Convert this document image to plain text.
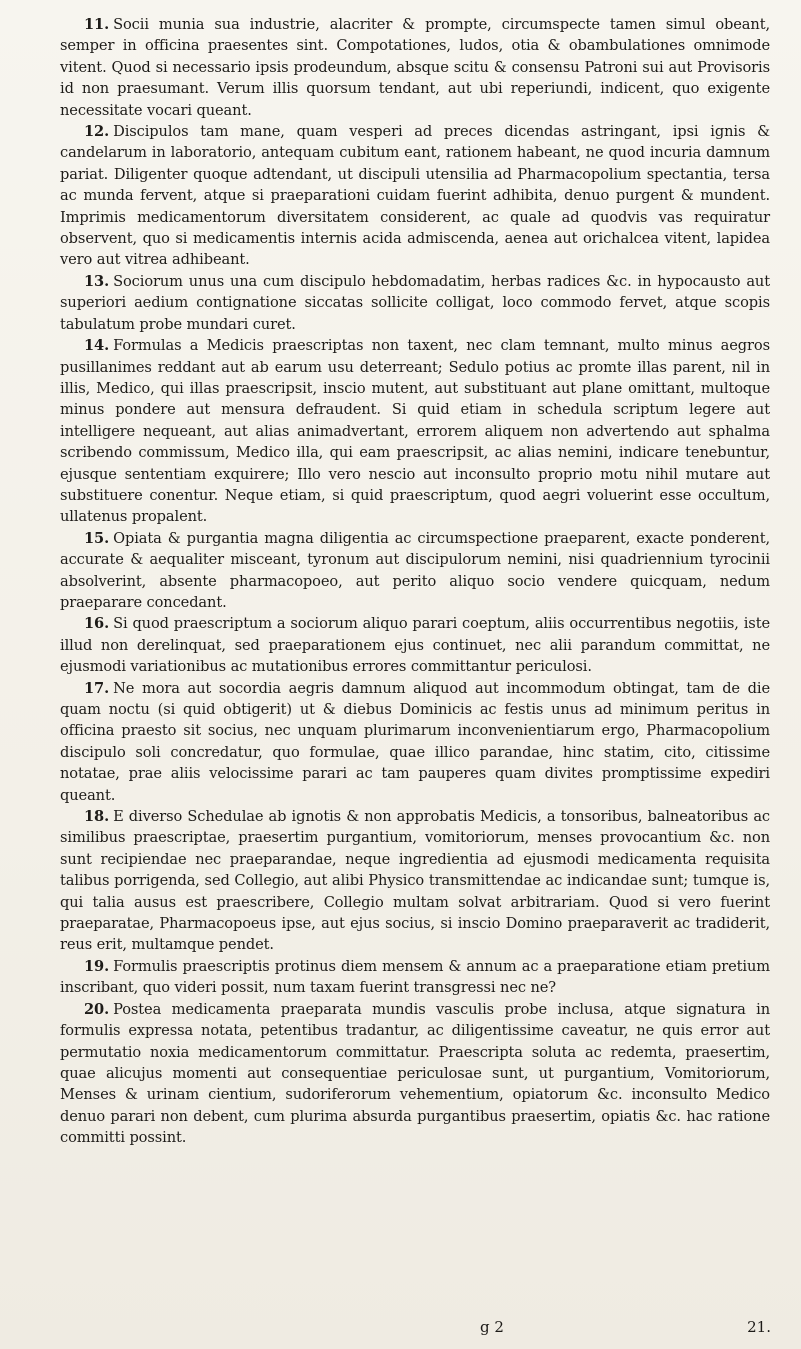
11. Socii munia sua industrie, alacriter & prompte, circumspecte tamen simul obeant, semper in officina praesentes sint. Compotationes, ludos, otia & obambulationes omnimode vitent. Quod si necessario ipsis prodeundum, absque scitu & consensu Patroni sui aut Provisoris id non praesumant. Verum illis quorsum tendant, aut ubi reperiundi, indicent, quo exigente necessitate vocari queant.

12. Discipulos tam mane, quam vesperi ad preces dicendas astringant, ipsi ignis & candelarum in laboratorio, antequam cubitum eant, rationem habeant, ne quod incuria damnum pariat. Diligenter quoque adtendant, ut discipuli utensilia ad Pharmacopolium spectantia, tersa ac munda fervent, atque si praeparationi cuidam fuerint adhibita, denuo purgent & mundent. Imprimis medicamentorum diversitatem considerent, ac quale ad quodvis vas requiratur observent, quo si medicamentis internis acida admiscenda, aenea aut orichalcea vitent, lapidea vero aut vitrea adhibeant.

13. Sociorum unus una cum discipulo hebdomadatim, herbas radices &c. in hypocausto aut superiori aedium contignatione siccatas sollicite colligat, loco commodo fervet, atque scopis tabulatum probe mundari curet.

14. Formulas a Medicis praescriptas non taxent, nec clam temnant, multo minus aegros pusillanimes reddant aut ab earum usu deterreant; Sedulo potius ac promte illas parent, nil in illis, Medico, qui illas praescripsit, inscio mutent, aut substituant aut plane omittant, multoque minus pondere aut mensura defraudent. Si quid etiam in schedula scriptum legere aut intelligere nequeant, aut alias animadvertant, errorem aliquem non advertendo aut sphalma scribendo commissum, Medico illa, qui eam praescripsit, ac alias nemini, indicare tenebuntur, ejusque sententiam exquirere; Illo vero nescio aut inconsulto proprio motu nihil mutare aut substituere conentur. Neque etiam, si quid praescriptum, quod aegri voluerint esse occultum, ullatenus propalent.

15. Opiata & purgantia magna diligentia ac circumspectione praeparent, exacte ponderent, accurate & aequaliter misceant, tyronum aut discipulorum nemini, nisi quadriennium tyrocinii absolverint, absente pharmacopoeo, aut perito aliquo socio vendere quicquam, nedum praeparare concedant.

16. Si quod praescriptum a sociorum aliquo parari coeptum, aliis occurrentibus negotiis, iste illud non derelinquat, sed praeparationem ejus continuet, nec alii parandum committat, ne ejusmodi variationibus ac mutationibus errores committantur periculosi.

17. Ne mora aut socordia aegris damnum aliquod aut incommodum obtingat, tam de die quam noctu (si quid obtigerit) ut & diebus Dominicis ac festis unus ad minimum peritus in officina praesto sit socius, nec unquam plurimarum inconvenientiarum ergo, Pharmacopolium discipulo soli concredatur, quo formulae, quae illico parandae, hinc statim, cito, citissime notatae, prae aliis velocissime parari ac tam pauperes quam divites promptissime expediri queant.

18. E diverso Schedulae ab ignotis & non approbatis Medicis, a tonsoribus, balneatoribus ac similibus praescriptae, praesertim purgantium, vomitoriorum, menses provocantium &c. non sunt recipiendae nec praeparandae, neque ingredientia ad ejusmodi medicamenta requisita talibus porrigenda, sed Collegio, aut alibi Physico transmittendae ac indicandae sunt; tumque is, qui talia ausus est praescribere, Collegio multam solvat arbitrariam. Quod si vero fuerint praeparatae, Pharmacopoeus ipse, aut ejus socius, si inscio Domino praeparaverit ac tradiderit, reus erit, multamque pendet.

19. Formulis praescriptis protinus diem mensem & annum ac a praeparatione etiam pretium inscribant, quo videri possit, num taxam fuerint transgressi nec ne?

20. Postea medicamenta praeparata mundis vasculis probe inclusa, atque signatura in formulis expressa notata, petentibus tradantur, ac diligentissime caveatur, ne quis error aut permutatio noxia medicamentorum committatur. Praescripta soluta ac redemta, praesertim, quae alicujus momenti aut consequentiae periculosae sunt, ut purgantium, Vomitoriorum, Menses & urinam cientium, sudoriferorum vehementium, opiatorum &c. inconsulto Medico denuo parari non debent, cum plurima absurda purgantibus praesertim, opiatis &c. hac ratione committi possint.

g 2	21.
